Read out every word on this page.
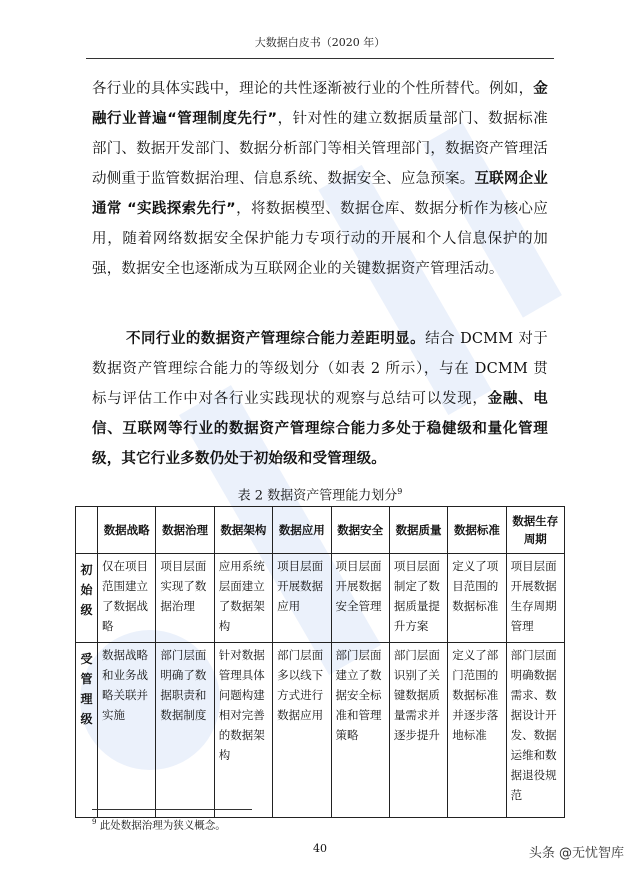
大数据白皮书（2020 年）

各行业的具体实践中，理论的共性逐渐被行业的个性所替代。例如，金融行业普遍“管理制度先行”，针对性的建立数据质量部门、数据标准部门、数据开发部门、数据分析部门等相关管理部门，数据资产管理活动侧重于监管数据治理、信息系统、数据安全、应急预案。互联网企业通常 “实践探索先行”，将数据模型、数据仓库、数据分析作为核心应用，随着网络数据安全保护能力专项行动的开展和个人信息保护的加强，数据安全也逐渐成为互联网企业的关键数据资产管理活动。

不同行业的数据资产管理综合能力差距明显。结合 DCMM 对于数据资产管理综合能力的等级划分（如表 2 所示），与在 DCMM 贯标与评估工作中对各行业实践现状的观察与总结可以发现，金融、电信、互联网等行业的数据资产管理综合能力多处于稳健级和量化管理级，其它行业多数仍处于初始级和受管理级。

表 2 数据资产管理能力划分$^9$
	数据战略	数据治理	数据架构	数据应用	数据安全	数据质量	数据标准	数据生存周期

初
始
级	仅在项目范围建立了数据战略	项目层面实现了数据治理	应用系统层面建立了数据架构	项目层面开展数据应用	项目层面开展数据安全管理	项目层面制定了数据质量提升方案	定义了项目范围的数据标准	项目层面开展数据生存周期管理

受
管
理
级	数据战略和业务战略关联并实施	部门层面明确了数据职责和数据制度	针对数据管理具体问题构建相对完善的数据架构	部门层面多以线下方式进行数据应用	部门层面建立了数据安全标准和管理策略	部门层面识别了关键数据质量需求并逐步提升	定义了部门范围的数据标准并逐步落地标准	部门层面明确数据需求、数据设计开发、数据运维和数据退役规范
$^9$ 此处数据治理为狭义概念。
40	头条 @无忧智库
